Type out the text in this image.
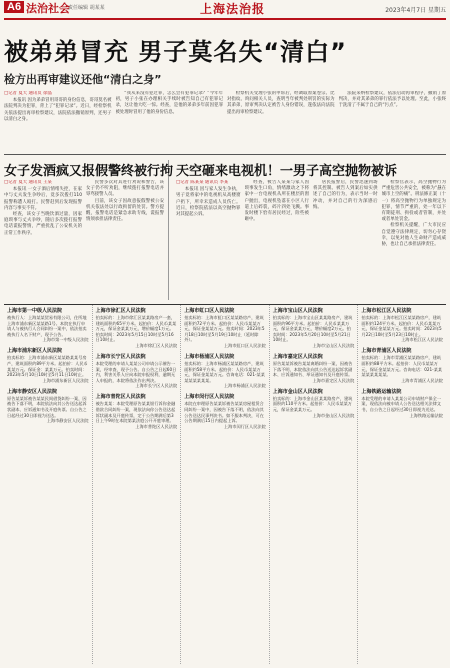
A6 法治社会
责任编辑 胡某某	上海法治报	2023年4月7日 星期五
被弟弟冒充 男子莫名失“清白”
检方出再审建议还他“清白之身”
□记者 夏天 通讯员 徐晶

本报讯 因为弟弟冒用哥哥的身份信息，哥哥莫名被法院判决为犯罪，背上了“犯罪记录”。近日，经检察机关依法提出再审检察建议，法院依法撤销原判，还男子以清白之身。

“我从来没有犯过罪，怎么会有犯罪记录？”今年年初，男子小张在办理相关手续时被告知自己有犯罪记录，这让他大吃一惊。经查，是他的弟弟多年前因犯罪被处理时冒用了他的身份信息。

检察机关受理小张的申诉后，经调取原案卷宗、比对指纹、询问相关人员，查明当年被判处刑罚的实际为其弟弟，原审判决认定被告人身份错误，遂依法向法院提出再审检察建议。

法院采纳检察建议，依法启动再审程序，撤销了原判决，并对其弟弟的罪行依法予以处理。至此，小张终于洗清了不属于自己的“污点”。

女子发酒疯又报假警终被行拘 天空砸来电视机！一男子高空抛物被诉
□记者 夏天 通讯员 王某

本报讯 一女子酒后情绪失控，在家中与丈夫发生争吵后，竟多次拨打110报警称遭人殴打。民警赶到后发现报警内容与事实不符。

经查，该女子当晚饮酒过量，因家庭琐事与丈夫争吵，随后多次拨打报警电话谎报警情，严重扰乱了公安机关的正常工作秩序。

民警多次对其进行劝说和警告，该女子仍不听劝阻，继续拨打报警电话并辱骂接警人员。

目前，该女子因故意报假警被公安机关依法处以行政拘留的处罚。警方提醒，报警电话是紧急求助专线，谎报警情须承担法律责任。

□记者 陈某某 通讯员 李某

本报讯 因与家人发生争执，男子竟将家中的电视机从高楼窗户扔下，所幸未造成人员伤亡。近日，检察院依法以高空抛物罪对其提起公诉。

经查，被告人某某与家人因琐事发生口角，情绪激动之下将家中一台电视机从所在楼层的窗户抛出，电视机坠落在小区人行道上后碎裂，碎片四处飞溅。事发时楼下恰有居民经过，险些被砸中。

居民报警后，民警迅速到场将其控制。被告人到案后如实供述了自己的行为，表示当时一时冲动，并对自己的行为深感后悔。

检察官表示，高空抛物行为严重危害公共安全，被称为“悬在城市上空的痛”。刑法修正案（十一）将高空抛物行为单独规定为犯罪，情节严重的，处一年以下有期徒刑、拘役或者管制，并处或者单处罚金。

检察机关提醒，广大市民应自觉遵守法律规定，切勿心存侥幸，以免对他人生命财产造成威胁，也让自己承担法律责任。

上海市第一中级人民法院
被执行人：上海某某贸易有限公司，住所地上海市浦东新区某某路1号。本院在执行申请人与被执行人合同纠纷一案中，依法拍卖被执行人名下财产，现予公告。
上海市第一中级人民法院
上海市浦东新区人民法院
拍卖标的：上海市浦东新区某某路某某号房产，建筑面积约89平方米。起拍价：人民币某某万元。保证金：某某万元。拍卖时间：2023年5月10日10时至5月11日10时止。
上海市浦东新区人民法院
上海市静安区人民法院
原告某某诉被告某某民间借贷纠纷一案，因被告下落不明，本院依法向其公告送达起诉状副本、应诉通知书及开庭传票。自公告之日起经过30日即视为送达。
上海市静安区人民法院
上海市徐汇区人民法院
拍卖标的：上海市徐汇区某某路房产一套，建筑面积约65平方米。起拍价：人民币某某万元，保证金某某万元，增价幅度1万元。拍卖时间：2023年5月15日10时至5月16日10时止。
上海市徐汇区人民法院
上海市长宁区人民法院
本院受理的申请人某某公司申请公示催告一案，经审查，现予公告。自公告之日起60日内，利害关系人应向本院申报权利，逾期无人申报的，本院将依法作出判决。
上海市长宁区人民法院
上海市普陀区人民法院
被告某某：本院受理原告某某银行诉你金融借款合同纠纷一案，现依法向你公告送达起诉状副本及开庭传票，定于公告期满后第3日上午9时在本院第某法庭公开开庭审理。
上海市普陀区人民法院
上海市虹口区人民法院
拍卖标的：上海市虹口区某某路房产，建筑面积约72平方米。起拍价：人民币某某万元，保证金某某万元。拍卖时间：2023年5月18日10时至5月19日10时止（延时除外）。
上海市虹口区人民法院
上海市杨浦区人民法院
拍卖标的：上海市杨浦区某某路房产，建筑面积约58平方米。起拍价：人民币某某万元，保证金某某万元。咨询电话：021-某某某某某某某某。
上海市杨浦区人民法院
上海市闵行区人民法院
本院在审理原告某某诉被告某某房屋租赁合同纠纷一案中，因被告下落不明，依法向其公告送达民事判决书。如不服本判决，可在公告期满后15日内提起上诉。
上海市闵行区人民法院
上海市宝山区人民法院
拍卖标的：上海市宝山区某某路房产，建筑面积约96平方米。起拍价：人民币某某万元，保证金某某万元，增价幅度2万元。拍卖时间：2023年5月20日10时至5月21日10时止。
上海市宝山区人民法院
上海市嘉定区人民法院
原告某某诉被告某某离婚纠纷一案，因被告下落不明，本院依法向其公告送达起诉状副本、应诉通知书、举证通知书及开庭传票。
上海市嘉定区人民法院
上海市金山区人民法院
拍卖标的：上海市金山区某某路房产，建筑面积约110平方米。起拍价：人民币某某万元，保证金某某万元。
上海市金山区人民法院
上海市松江区人民法院
拍卖标的：上海市松江区某某路房产，建筑面积约124平方米。起拍价：人民币某某万元，保证金某某万元。拍卖时间：2023年5月22日10时至5月23日10时止。
上海市松江区人民法院
上海市青浦区人民法院
拍卖标的：上海市青浦区某某路房产，建筑面积约88平方米。起拍价：人民币某某万元，保证金某某万元。咨询电话：021-某某某某某某某某。
上海市青浦区人民法院
上海铁路运输法院
本院受理的申请人某某公司申请财产保全一案，现依法向被申请人公告送达相关法律文书，自公告之日起经过30日即视为送达。
上海铁路运输法院
